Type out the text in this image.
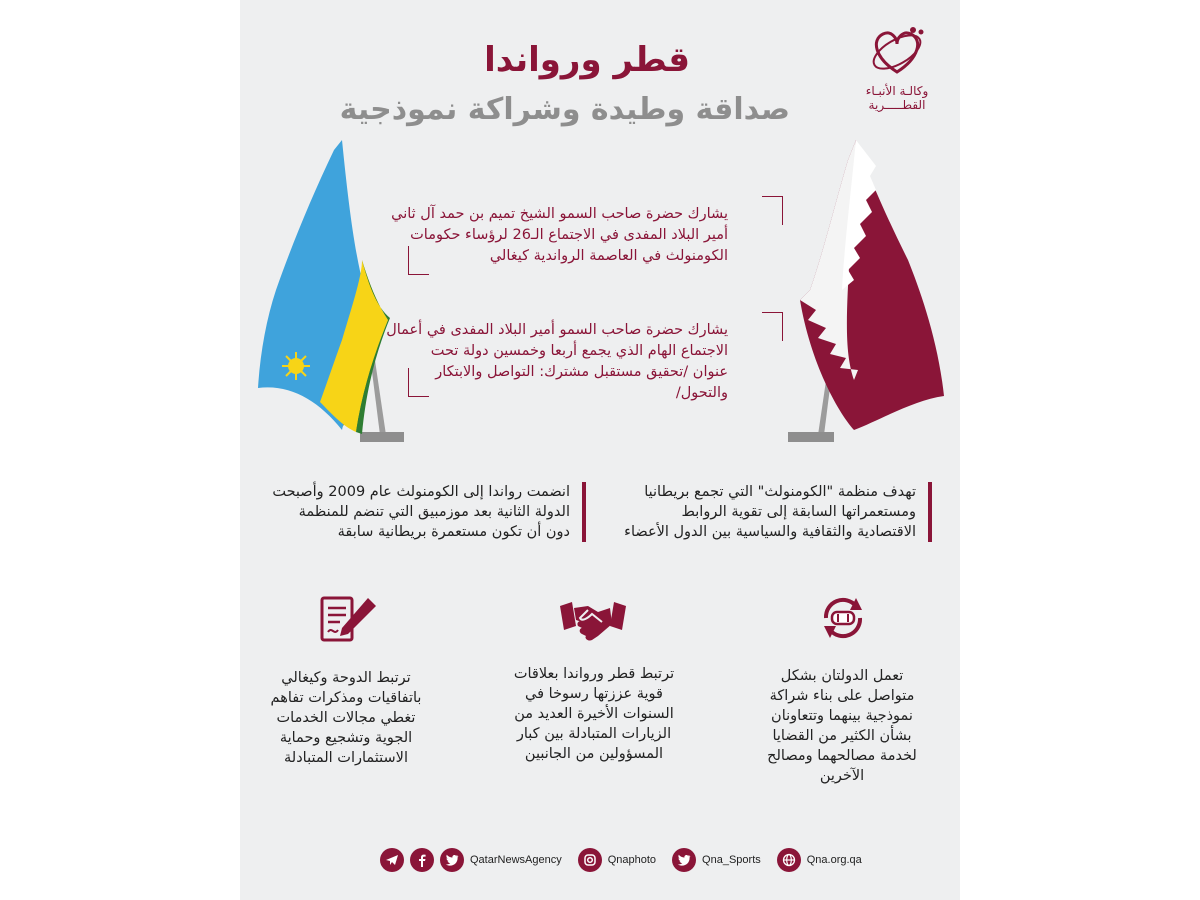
وكالـة الأنبـاء
القطـــــرية
قطر ورواندا
صداقة وطيدة وشراكة نموذجية
يشارك حضرة صاحب السمو الشيخ تميم بن حمد آل ثاني
أمير البلاد المفدى في الاجتماع الـ26 لرؤساء حكومات
الكومنولث في العاصمة الرواندية كيغالي
يشارك حضرة صاحب السمو أمير البلاد المفدى في أعمال
الاجتماع الهام الذي يجمع أربعا وخمسين دولة تحت
عنوان /تحقيق مستقبل مشترك: التواصل والابتكار
والتحول/
تهدف منظمة "الكومنولث" التي تجمع بريطانيا
ومستعمراتها السابقة إلى تقوية الروابط
الاقتصادية والثقافية والسياسية بين الدول الأعضاء
انضمت رواندا إلى الكومنولث عام 2009 وأصبحت
الدولة الثانية بعد موزمبيق التي تنضم للمنظمة
دون أن تكون مستعمرة بريطانية سابقة
تعمل الدولتان بشكل
متواصل على بناء شراكة
نموذجية بينهما وتتعاونان
بشأن الكثير من القضايا
لخدمة مصالحهما ومصالح
الآخرين
ترتبط قطر ورواندا بعلاقات
قوية عززتها رسوخا في
السنوات الأخيرة العديد من
الزيارات المتبادلة بين كبار
المسؤولين من الجانبين
ترتبط الدوحة وكيغالي
باتفاقيات ومذكرات تفاهم
تغطي مجالات الخدمات
الجوية وتشجيع وحماية
الاستثمارات المتبادلة
QatarNewsAgency	Qnaphoto	Qna_Sports	Qna.org.qa
